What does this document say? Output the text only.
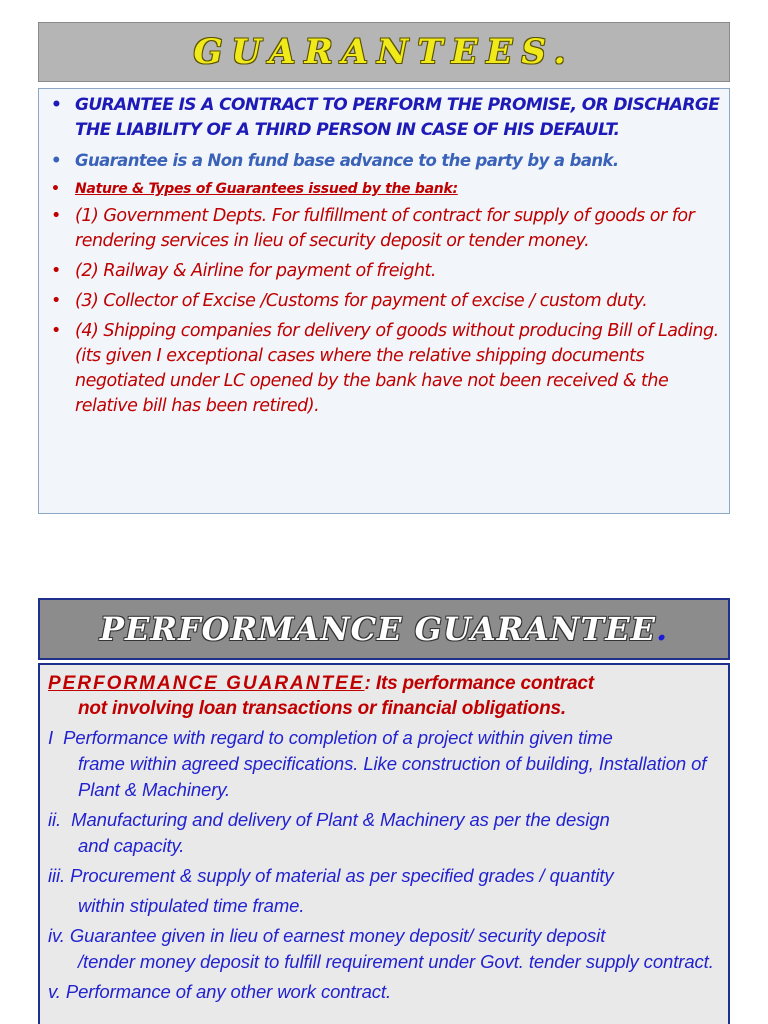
GUARANTEES.
• GURANTEE IS A CONTRACT TO PERFORM THE PROMISE, OR DISCHARGE THE LIABILITY OF A THIRD PERSON IN CASE OF HIS DEFAULT.
• Guarantee is a Non fund base advance to the party by a bank.
•	Nature & Types of Guarantees issued by the bank:
• (1) Government Depts. For fulfillment of contract for supply of goods or for rendering services in lieu of security deposit or tender money.
• (2) Railway & Airline for payment of freight.
• (3) Collector of Excise /Customs for payment of excise / custom duty.
• (4) Shipping companies for delivery of goods without producing Bill of Lading.(its given I exceptional cases where the relative shipping documents negotiated under LC opened by the bank have not been received & the relative bill has been retired).
PERFORMANCE GUARANTEE.
PERFORMANCE GUARANTEE: Its performance contract
not involving loan transactions or financial obligations.
I Performance with regard to completion of a project within given time
frame within agreed specifications. Like construction of building, Installation of Plant & Machinery.
ii. Manufacturing and delivery of Plant & Machinery as per the design
and capacity.
iii. Procurement & supply of material as per specified grades / quantity
within stipulated time frame.
iv. Guarantee given in lieu of earnest money deposit/ security deposit
/tender money deposit to fulfill requirement under Govt. tender supply contract.
v. Performance of any other work contract.
